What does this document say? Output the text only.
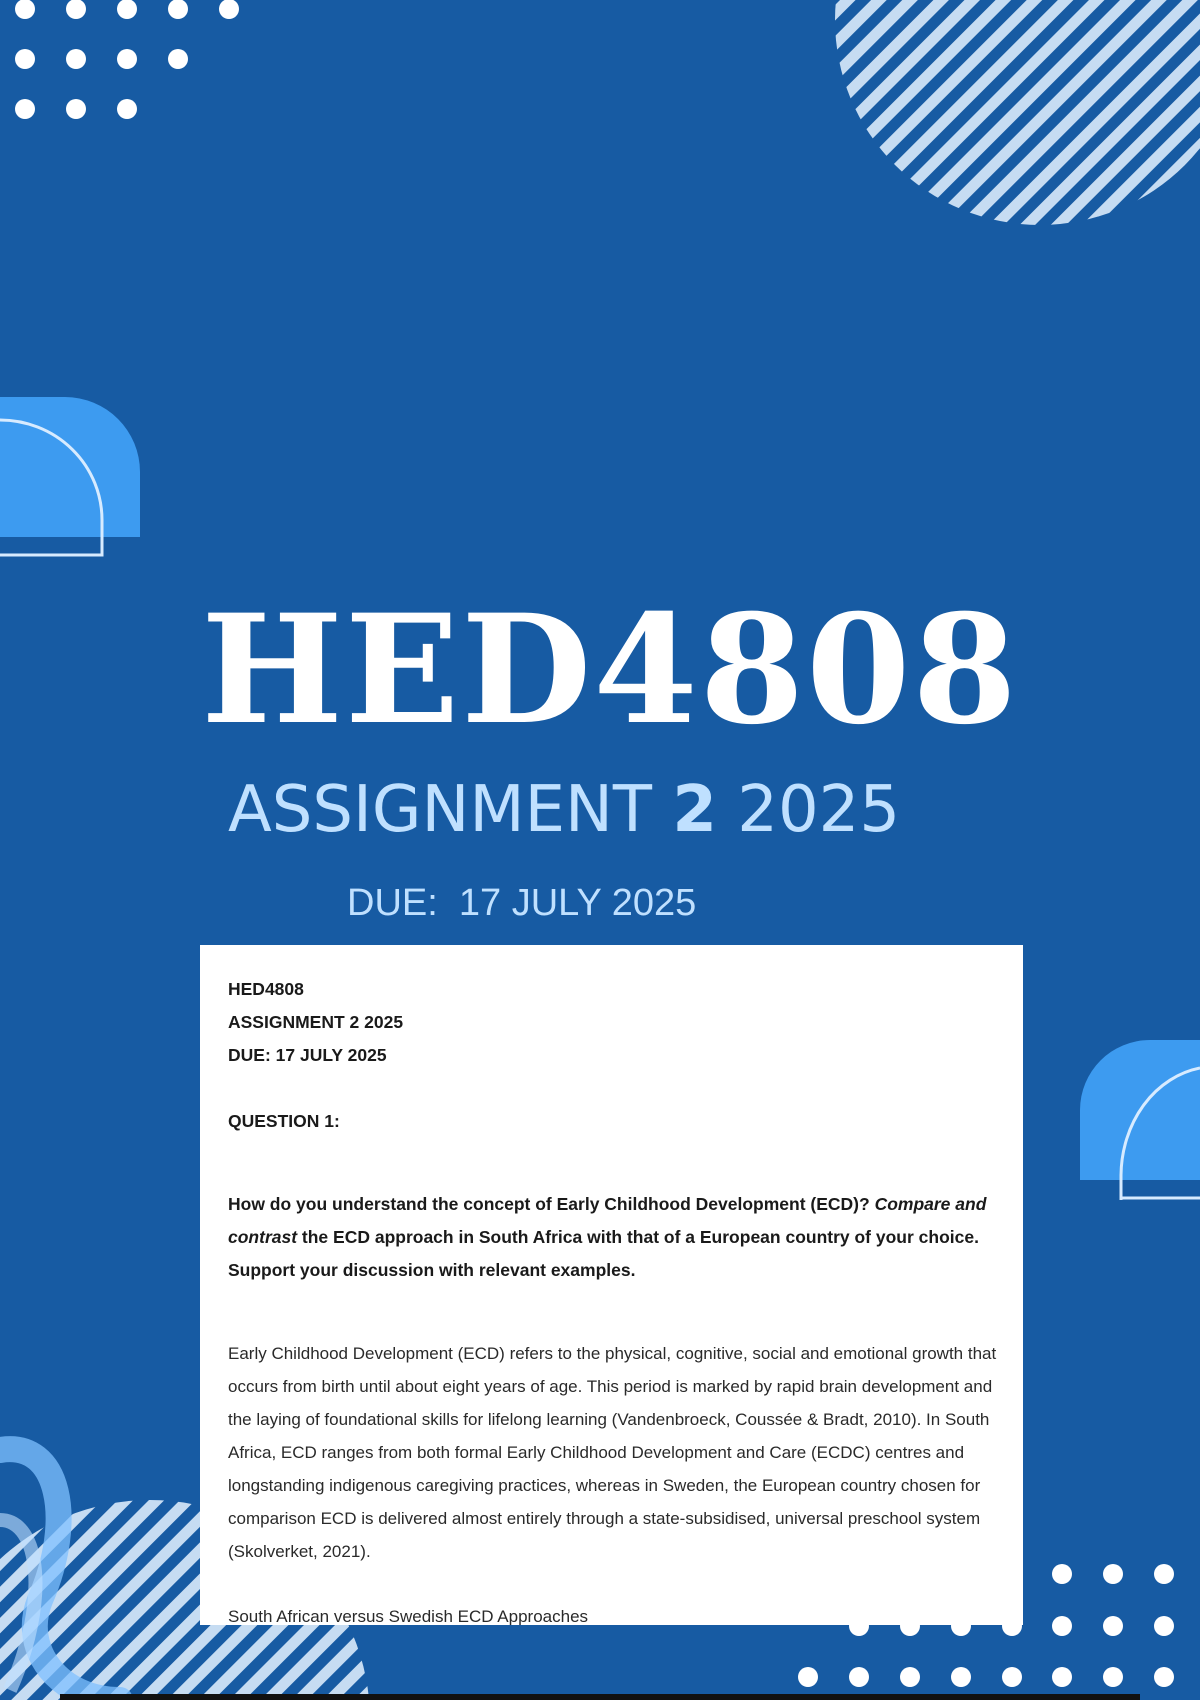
HED4808
ASSIGNMENT 2 2025
DUE:  17 JULY 2025

HED4808

ASSIGNMENT 2 2025

DUE: 17 JULY 2025

QUESTION 1:

How do you understand the concept of Early Childhood Development (ECD)? Compare and contrast the ECD approach in South Africa with that of a European country of your choice. Support your discussion with relevant examples.

Early Childhood Development (ECD) refers to the physical, cognitive, social and emotional growth that occurs from birth until about eight years of age. This period is marked by rapid brain development and the laying of foundational skills for lifelong learning (Vandenbroeck, Coussée & Bradt, 2010). In South Africa, ECD ranges from both formal Early Childhood Development and Care (ECDC) centres and longstanding indigenous caregiving practices, whereas in Sweden, the European country chosen for comparison ECD is delivered almost entirely through a state-subsidised, universal preschool system (Skolverket, 2021).

South African versus Swedish ECD Approaches
